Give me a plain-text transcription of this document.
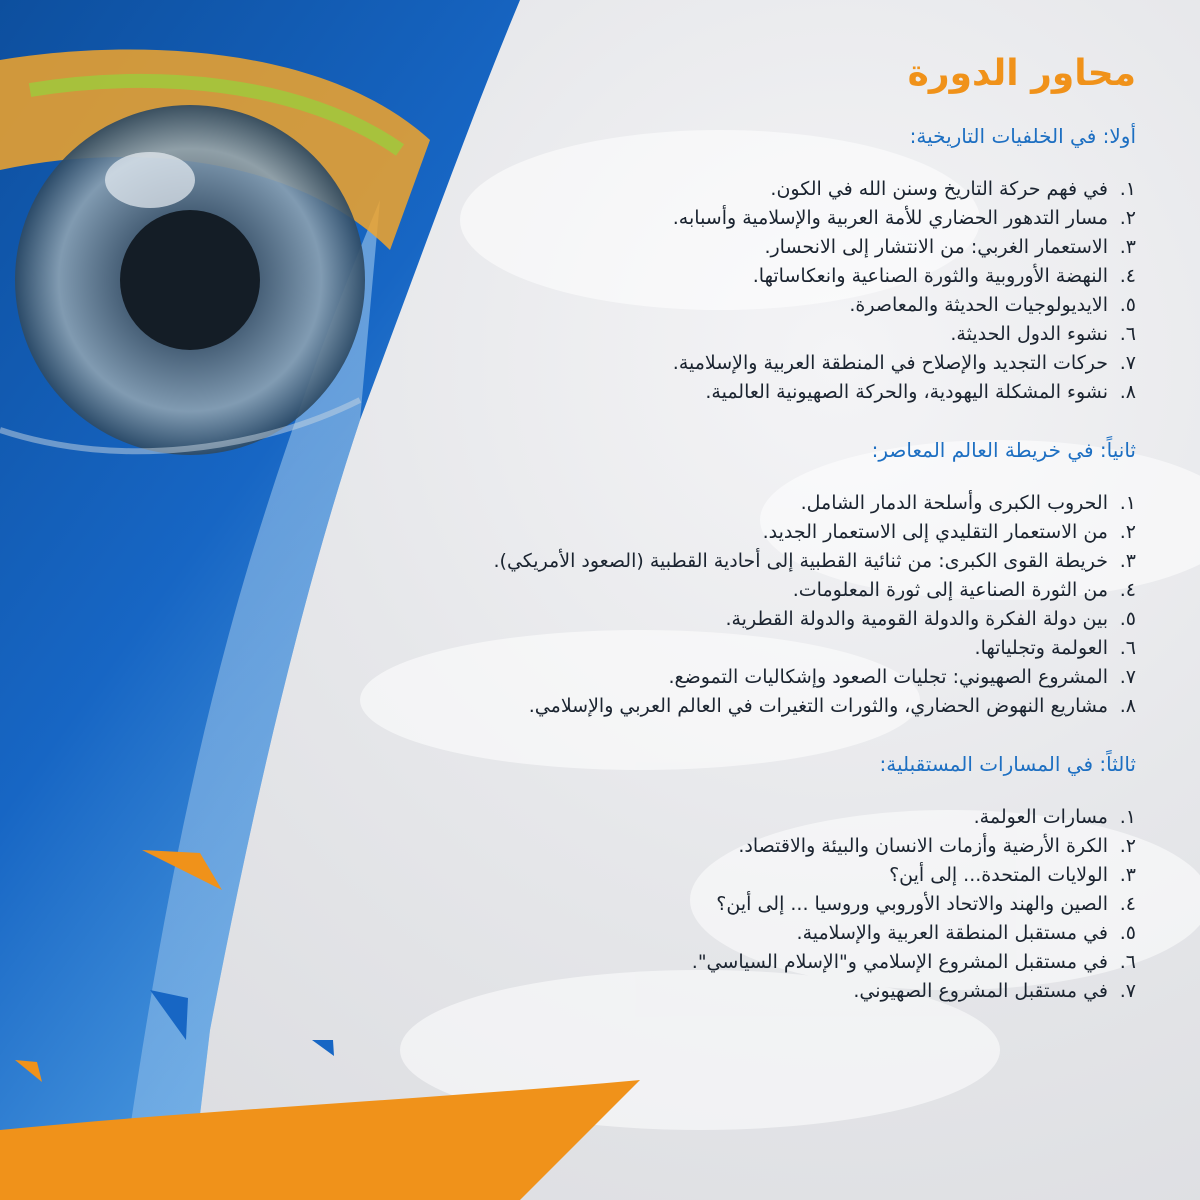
محاور الدورة
أولا: في الخلفيات التاريخية:
١.
في فهم حركة التاريخ وسنن الله في الكون.
٢.
مسار التدهور الحضاري للأمة العربية والإسلامية وأسبابه.
٣.
الاستعمار الغربي: من الانتشار إلى الانحسار.
٤.
النهضة الأوروبية والثورة الصناعية وانعكاساتها.
٥.
الايديولوجيات الحديثة والمعاصرة.
٦.
نشوء الدول الحديثة.
٧.
حركات التجديد والإصلاح في المنطقة العربية والإسلامية.
٨.
نشوء المشكلة اليهودية، والحركة الصهيونية العالمية.
ثانياً: في خريطة العالم المعاصر:
١.
الحروب الكبرى وأسلحة الدمار الشامل.
٢.
من الاستعمار التقليدي إلى الاستعمار الجديد.
٣.
خريطة القوى الكبرى: من ثنائية القطبية إلى أحادية القطبية (الصعود الأمريكي).
٤.
من الثورة الصناعية إلى ثورة المعلومات.
٥.
بين دولة الفكرة والدولة القومية والدولة القطرية.
٦.
العولمة وتجلياتها.
٧.
المشروع الصهيوني: تجليات الصعود وإشكاليات التموضع.
٨.
مشاريع النهوض الحضاري، والثورات التغيرات في العالم العربي والإسلامي.
ثالثاً: في المسارات المستقبلية:
١.
مسارات العولمة.
٢.
الكرة الأرضية وأزمات الانسان والبيئة والاقتصاد.
٣.
الولايات المتحدة... إلى أين؟
٤.
الصين والهند والاتحاد الأوروبي وروسيا ... إلى أين؟
٥.
في مستقبل المنطقة العربية والإسلامية.
٦.
في مستقبل المشروع الإسلامي و"الإسلام السياسي".
٧.
في مستقبل المشروع الصهيوني.
